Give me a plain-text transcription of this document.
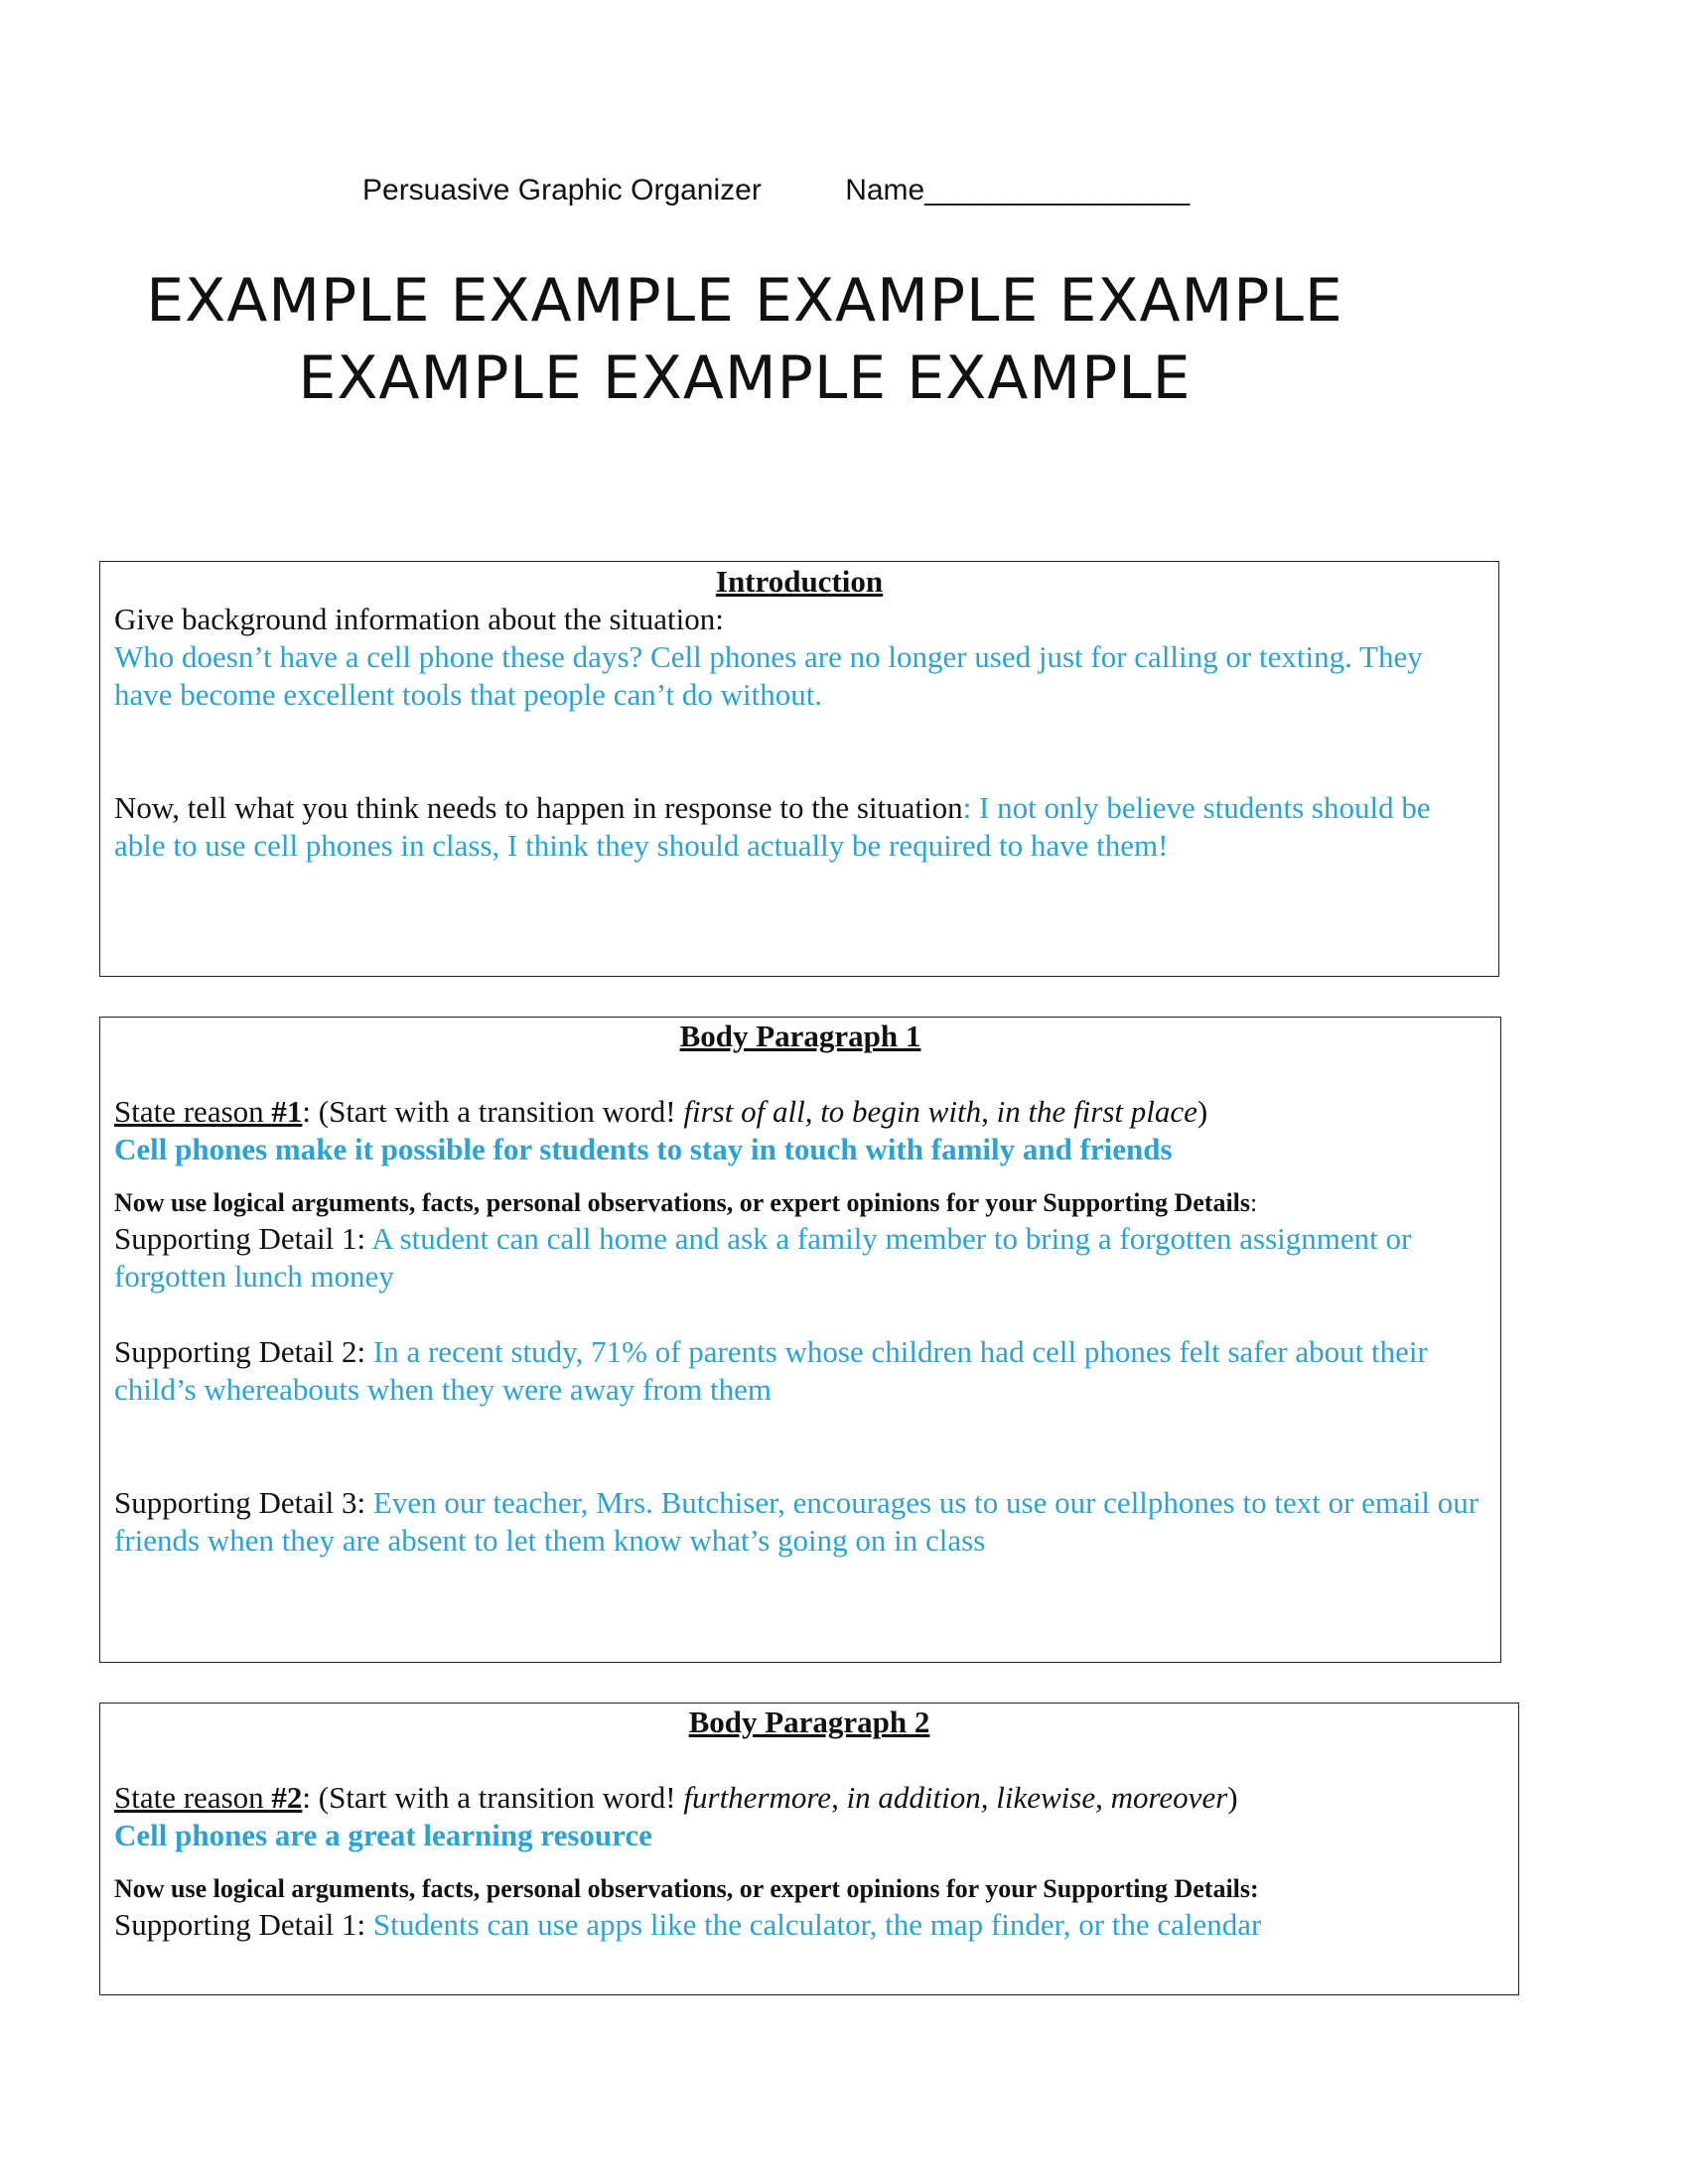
Persuasive Graphic Organizer	Name________________
EXAMPLE EXAMPLE EXAMPLE EXAMPLE
EXAMPLE EXAMPLE EXAMPLE

Introduction

Give background information about the situation:

Who doesn’t have a cell phone these days? Cell phones are no longer used just for calling or texting. They have become excellent tools that people can’t do without.

Now, tell what you think needs to happen in response to the situation: I not only believe students should be able to use cell phones in class, I think they should actually be required to have them!

Body Paragraph 1

State reason #1: (Start with a transition word! first of all, to begin with, in the first place)

Cell phones make it possible for students to stay in touch with family and friends

Now use logical arguments, facts, personal observations, or expert opinions for your Supporting Details:

Supporting Detail 1: A student can call home and ask a family member to bring a forgotten assignment or forgotten lunch money

Supporting Detail 2: In a recent study, 71% of parents whose children had cell phones felt safer about their child’s whereabouts when they were away from them

Supporting Detail 3: Even our teacher, Mrs. Butchiser, encourages us to use our cellphones to text or email our friends when they are absent to let them know what’s going on in class

Body Paragraph 2

State reason #2: (Start with a transition word! furthermore, in addition, likewise, moreover)

Cell phones are a great learning resource

Now use logical arguments, facts, personal observations, or expert opinions for your Supporting Details:

Supporting Detail 1: Students can use apps like the calculator, the map finder, or the calendar
